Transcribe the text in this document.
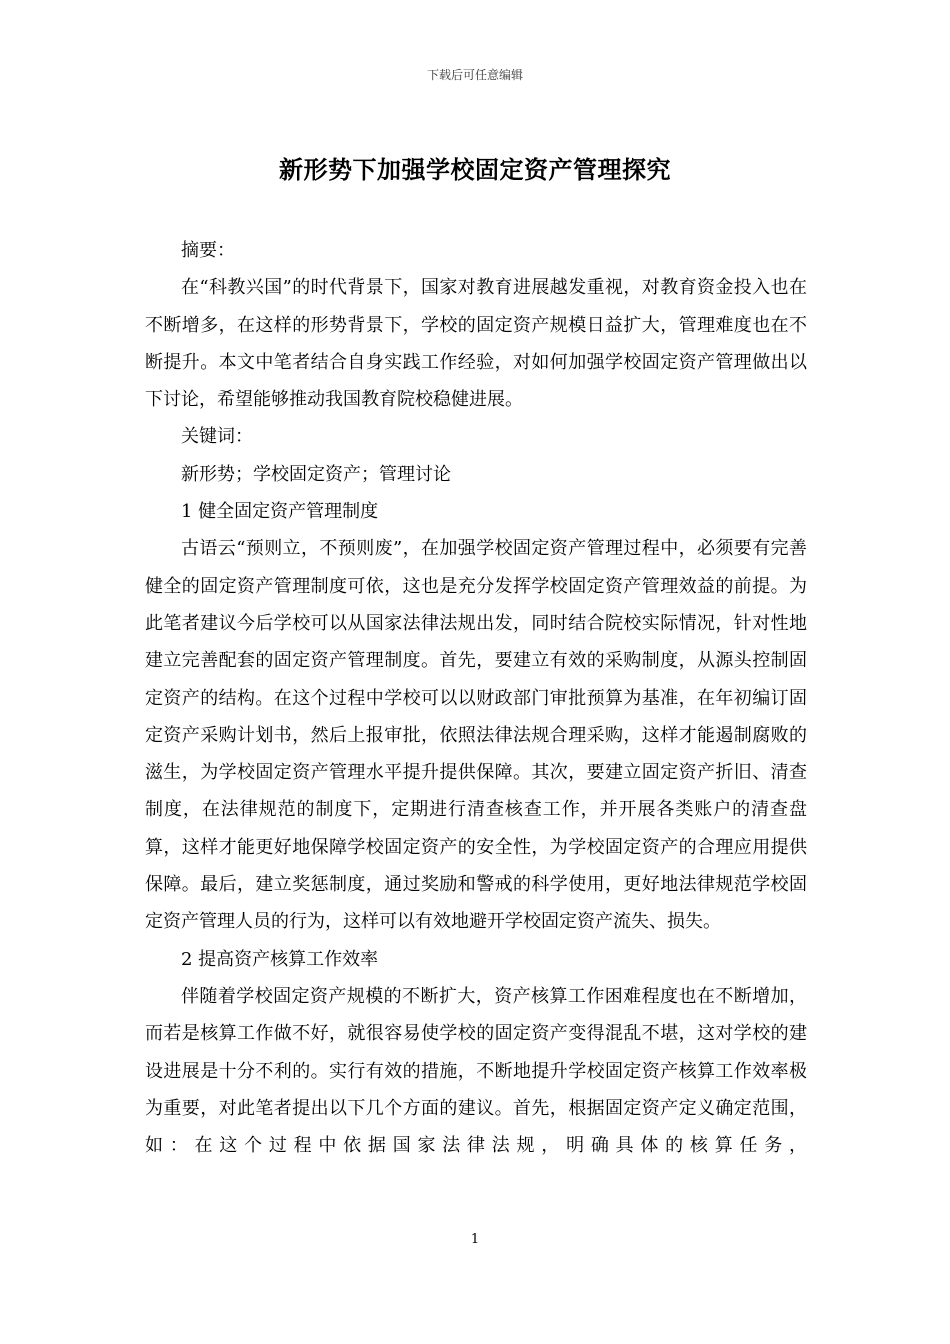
下载后可任意编辑
新形势下加强学校固定资产管理探究

摘要：

在“科教兴国”的时代背景下，国家对教育进展越发重视，对教育资金投入也在不断增多，在这样的形势背景下，学校的固定资产规模日益扩大，管理难度也在不断提升。本文中笔者结合自身实践工作经验，对如何加强学校固定资产管理做出以下讨论，希望能够推动我国教育院校稳健进展。

关键词：

新形势；学校固定资产；管理讨论

1 健全固定资产管理制度

古语云“预则立，不预则废”，在加强学校固定资产管理过程中，必须要有完善健全的固定资产管理制度可依，这也是充分发挥学校固定资产管理效益的前提。为此笔者建议今后学校可以从国家法律法规出发，同时结合院校实际情况，针对性地建立完善配套的固定资产管理制度。首先，要建立有效的采购制度，从源头控制固定资产的结构。在这个过程中学校可以以财政部门审批预算为基准，在年初编订固定资产采购计划书，然后上报审批，依照法律法规合理采购，这样才能遏制腐败的滋生，为学校固定资产管理水平提升提供保障。其次，要建立固定资产折旧、清查制度，在法律规范的制度下，定期进行清查核查工作，并开展各类账户的清查盘算，这样才能更好地保障学校固定资产的安全性，为学校固定资产的合理应用提供保障。最后，建立奖惩制度，通过奖励和警戒的科学使用，更好地法律规范学校固定资产管理人员的行为，这样可以有效地避开学校固定资产流失、损失。

2 提高资产核算工作效率

伴随着学校固定资产规模的不断扩大，资产核算工作困难程度也在不断增加，而若是核算工作做不好，就很容易使学校的固定资产变得混乱不堪，这对学校的建设进展是十分不利的。实行有效的措施，不断地提升学校固定资产核算工作效率极为重要，对此笔者提出以下几个方面的建议。首先，根据固定资产定义确定范围，如：在这个过程中依据国家法律法规，明确具体的核算任务，

1
